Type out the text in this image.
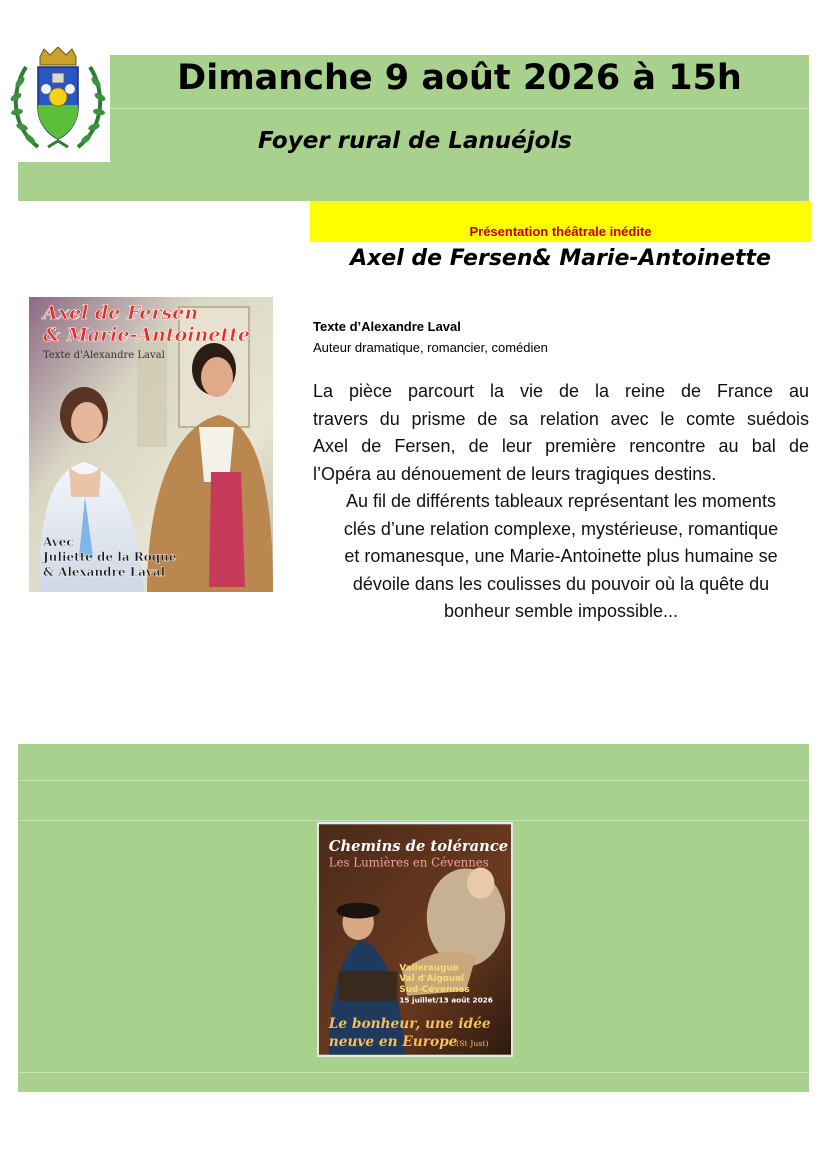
Dimanche 9 août 2026 à 15h
Foyer rural de Lanuéjols
Présentation théâtrale inédite
Axel de Fersen& Marie-Antoinette
Axel de Fersen
& Marie-Antoinette
Texte d'Alexandre Laval
Avec
Juliette de la Roque
& Alexandre Laval
Texte d’Alexandre Laval
Auteur dramatique, romancier, comédien

La pièce parcourt la vie de la reine de France au

travers du prisme de sa relation avec le comte suédois

Axel de Fersen, de leur première rencontre au bal de

l’Opéra au dénouement de leurs tragiques destins.

Au fil de différents tableaux représentant les moments

clés d’une relation complexe, mystérieuse, romantique

et romanesque, une Marie-Antoinette plus humaine se

dévoile dans les coulisses du pouvoir où la quête du

bonheur semble impossible...

Chemins de tolérance
Les Lumières en Cévennes
Valleraugue
Val d'Aigoual
Sud-Cévennes
15 juillet/13 août 2026
Le bonheur, une idée
neuve en Europe
(St Just)
